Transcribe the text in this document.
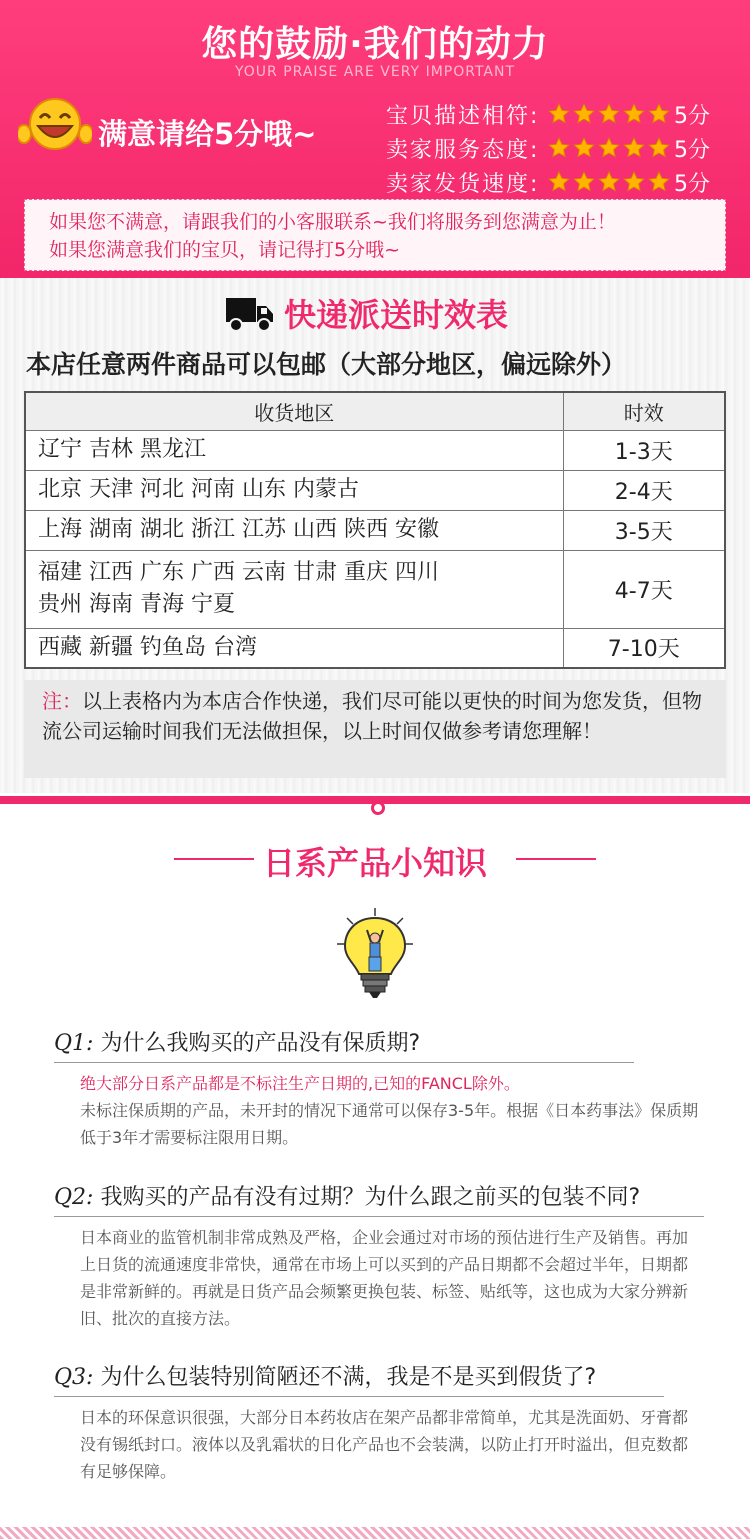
您的鼓励·我们的动力
YOUR PRAISE ARE VERY IMPORTANT
满意请给5分哦~
宝贝描述相符:	5分
卖家服务态度:	5分
卖家发货速度:	5分
如果您不满意，请跟我们的小客服联系~我们将服务到您满意为止！
如果您满意我们的宝贝，请记得打5分哦~
快递派送时效表
本店任意两件商品可以包邮（大部分地区，偏远除外）
收货地区	时效
辽宁 吉林 黑龙江	1-3天
北京 天津 河北 河南 山东 内蒙古	2-4天
上海 湖南 湖北 浙江 江苏 山西 陕西 安徽	3-5天

福建 江西 广东 广西 云南 甘肃 重庆 四川
贵州 海南 青海 宁夏	4-7天
西藏 新疆 钓鱼岛 台湾	7-10天
注：以上表格内为本店合作快递，我们尽可能以更快的时间为您发货，但物流公司运输时间我们无法做担保，以上时间仅做参考请您理解！
日系产品小知识
Q1: 为什么我购买的产品没有保质期?
绝大部分日系产品都是不标注生产日期的,已知的FANCL除外。
未标注保质期的产品，未开封的情况下通常可以保存3-5年。根据《日本药事法》保质期低于3年才需要标注限用日期。
Q2: 我购买的产品有没有过期？为什么跟之前买的包装不同?
日本商业的监管机制非常成熟及严格，企业会通过对市场的预估进行生产及销售。再加上日货的流通速度非常快，通常在市场上可以买到的产品日期都不会超过半年，日期都是非常新鲜的。再就是日货产品会频繁更换包装、标签、贴纸等，这也成为大家分辨新旧、批次的直接方法。
Q3: 为什么包装特别简陋还不满，我是不是买到假货了?
日本的环保意识很强，大部分日本药妆店在架产品都非常简单，尤其是洗面奶、牙膏都没有锡纸封口。液体以及乳霜状的日化产品也不会装满，以防止打开时溢出，但克数都有足够保障。
